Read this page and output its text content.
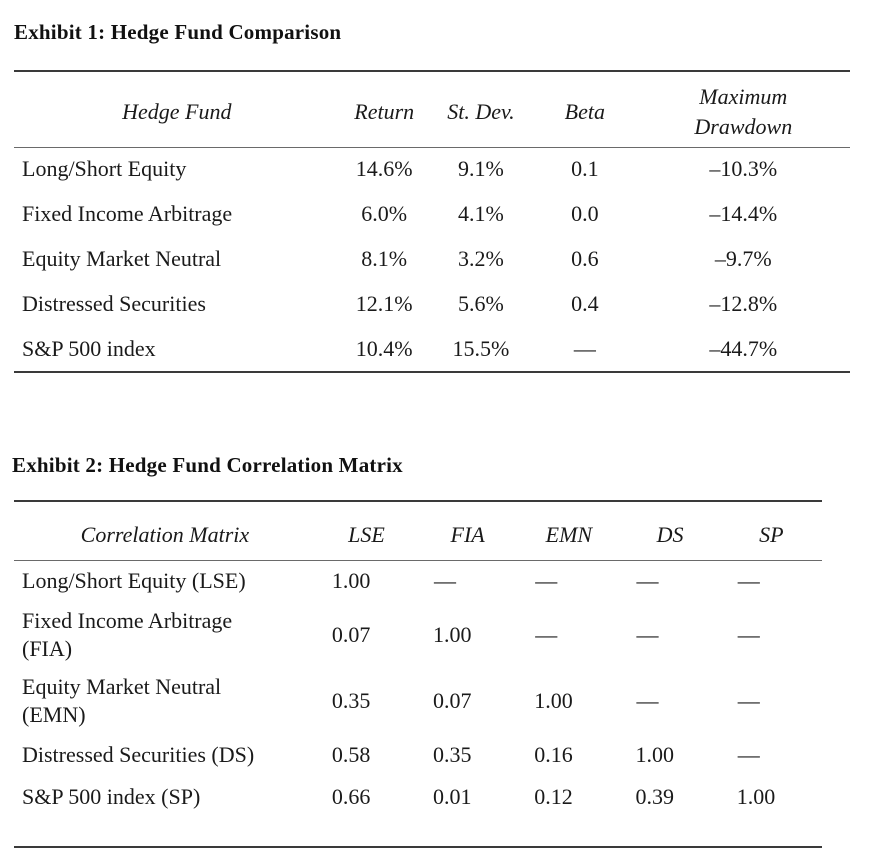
Exhibit 1: Hedge Fund Comparison
Hedge Fund	Return	St. Dev.	Beta	Maximum
Drawdown

Long/Short Equity	14.6%	9.1%	0.1	–10.3%
Fixed Income Arbitrage	6.0%	4.1%	0.0	–14.4%
Equity Market Neutral	8.1%	3.2%	0.6	–9.7%
Distressed Securities	12.1%	5.6%	0.4	–12.8%
S&P 500 index	10.4%	15.5%	—	–44.7%
Exhibit 2: Hedge Fund Correlation Matrix
Correlation Matrix	LSE	FIA	EMN	DS	SP

Long/Short Equity (LSE)	1.00	—	—	—	—

Fixed Income Arbitrage
(FIA)	0.07	1.00	—	—	—

Equity Market Neutral
(EMN)	0.35	0.07	1.00	—	—

Distressed Securities (DS)	0.58	0.35	0.16	1.00	—

S&P 500 index (SP)	0.66	0.01	0.12	0.39	1.00
